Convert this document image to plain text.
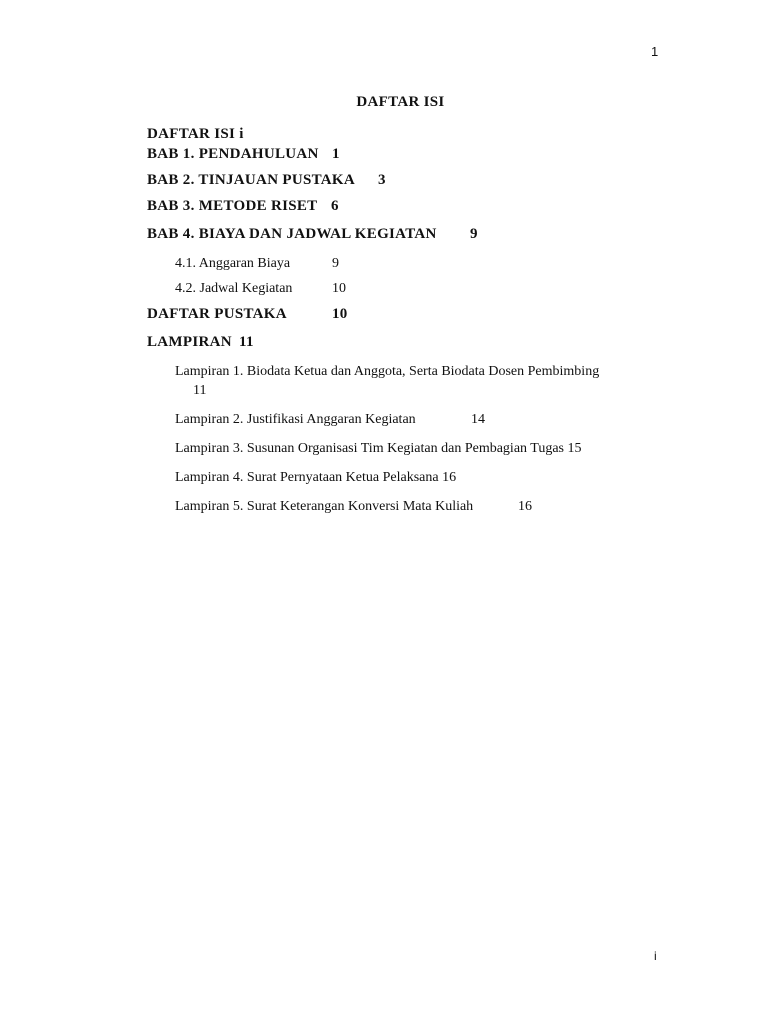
1
DAFTAR ISI
DAFTAR ISI i
BAB 1. PENDAHULUAN 1
BAB 2. TINJAUAN PUSTAKA 3
BAB 3. METODE RISET 6
BAB 4. BIAYA DAN JADWAL KEGIATAN 9
4.1. Anggaran Biaya	9
4.2. Jadwal Kegiatan	10
DAFTAR PUSTAKA	10
LAMPIRAN 11
Lampiran 1. Biodata Ketua dan Anggota, Serta Biodata Dosen Pembimbing
11
Lampiran 2. Justifikasi Anggaran Kegiatan	14
Lampiran 3. Susunan Organisasi Tim Kegiatan dan Pembagian Tugas 15
Lampiran 4. Surat Pernyataan Ketua Pelaksana 16
Lampiran 5. Surat Keterangan Konversi Mata Kuliah	16
i
